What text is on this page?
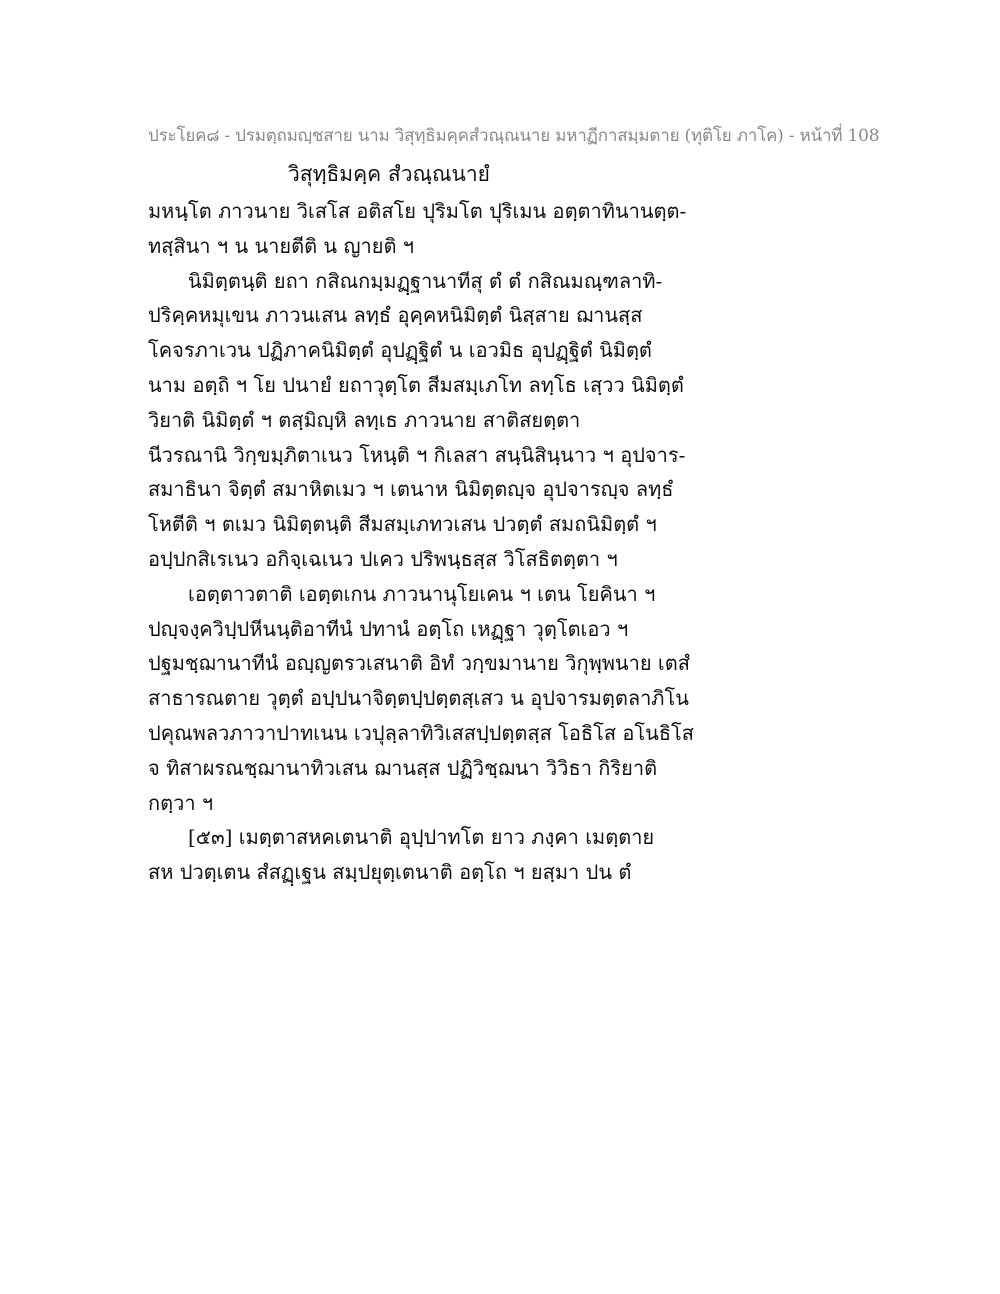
ประโยค๘ - ปรมตฺถมญฺชสาย นาม วิสุทฺธิมคฺคสํวณฺณนาย มหาฏีกาสมฺมตาย (ทุติโย ภาโค) - หน้าที่ 108
วิสุทฺธิมคฺค สํวณฺณนายํ
มหนฺโต ภาวนาย วิเสโส อติสโย ปุริมโต ปุริเมน อตฺตาทินานตฺต-
ทสฺสินา ฯ น นายตีติ น ญายติ ฯ
นิมิตฺตนฺติ ยถา กสิณกมฺมฏฺฐานาทีสุ ตํ ตํ กสิณมณฺฑลาทิ-
ปริคฺคหมุเขน ภาวนเสน ลทฺธํ อุคฺคหนิมิตฺตํ นิสฺสาย ฌานสฺส
โคจรภาเวน ปฏิภาคนิมิตฺตํ อุปฏฺฐิตํ น เอวมิธ อุปฏฺฐิตํ นิมิตฺตํ
นาม อตฺถิ ฯ โย ปนายํ ยถาวุตฺโต สีมสมฺเภโท ลทฺโธ เสฺวว นิมิตฺตํ
วิยาติ นิมิตฺตํ ฯ ตสฺมิญฺหิ ลทฺเธ ภาวนาย สาติสยตฺตา
นีวรณานิ วิกฺขมฺภิตาเนว โหนฺติ ฯ กิเลสา สนฺนิสินฺนาว ฯ อุปจาร-
สมาธินา จิตฺตํ สมาหิตเมว ฯ เตนาห นิมิตฺตญฺจ อุปจารญฺจ ลทฺธํ
โหตีติ ฯ ตเมว นิมิตฺตนฺติ สีมสมฺเภทวเสน ปวตฺตํ สมถนิมิตฺตํ ฯ
อปฺปกสิเรเนว อกิจฺเฉเนว ปเคว ปริพนฺธสฺส วิโสธิตตฺตา ฯ
เอตฺตาวตาติ เอตฺตเกน ภาวนานุโยเคน ฯ เตน โยคินา ฯ
ปญฺจงฺควิปฺปหีนนฺติอาทีนํ ปทานํ อตฺโถ เหฏฺฐา วุตฺโตเอว ฯ
ปฐมชฺฌานาทีนํ อญฺญตรวเสนาติ อิทํ วกฺขมานาย วิกุพฺพนาย เตสํ
สาธารณตาย วุตฺตํ อปฺปนาจิตฺตปฺปตฺตสฺเสว น อุปจารมตฺตลาภิโน
ปคุณพลวภาวาปาทเนน เวปุลฺลาทิวิเสสปฺปตฺตสฺส โอธิโส อโนธิโส
จ ทิสาผรณชฺฌานาทิวเสน ฌานสฺส ปฏิวิชฺฌนา วิวิธา กิริยาติ
กตฺวา ฯ
[๕๓] เมตฺตาสหคเตนาติ อุปฺปาทโต ยาว ภงฺคา เมตฺตาย
สห ปวตฺเตน สํสฏฺเฐน สมฺปยุตฺเตนาติ อตฺโถ ฯ ยสฺมา ปน ตํ
